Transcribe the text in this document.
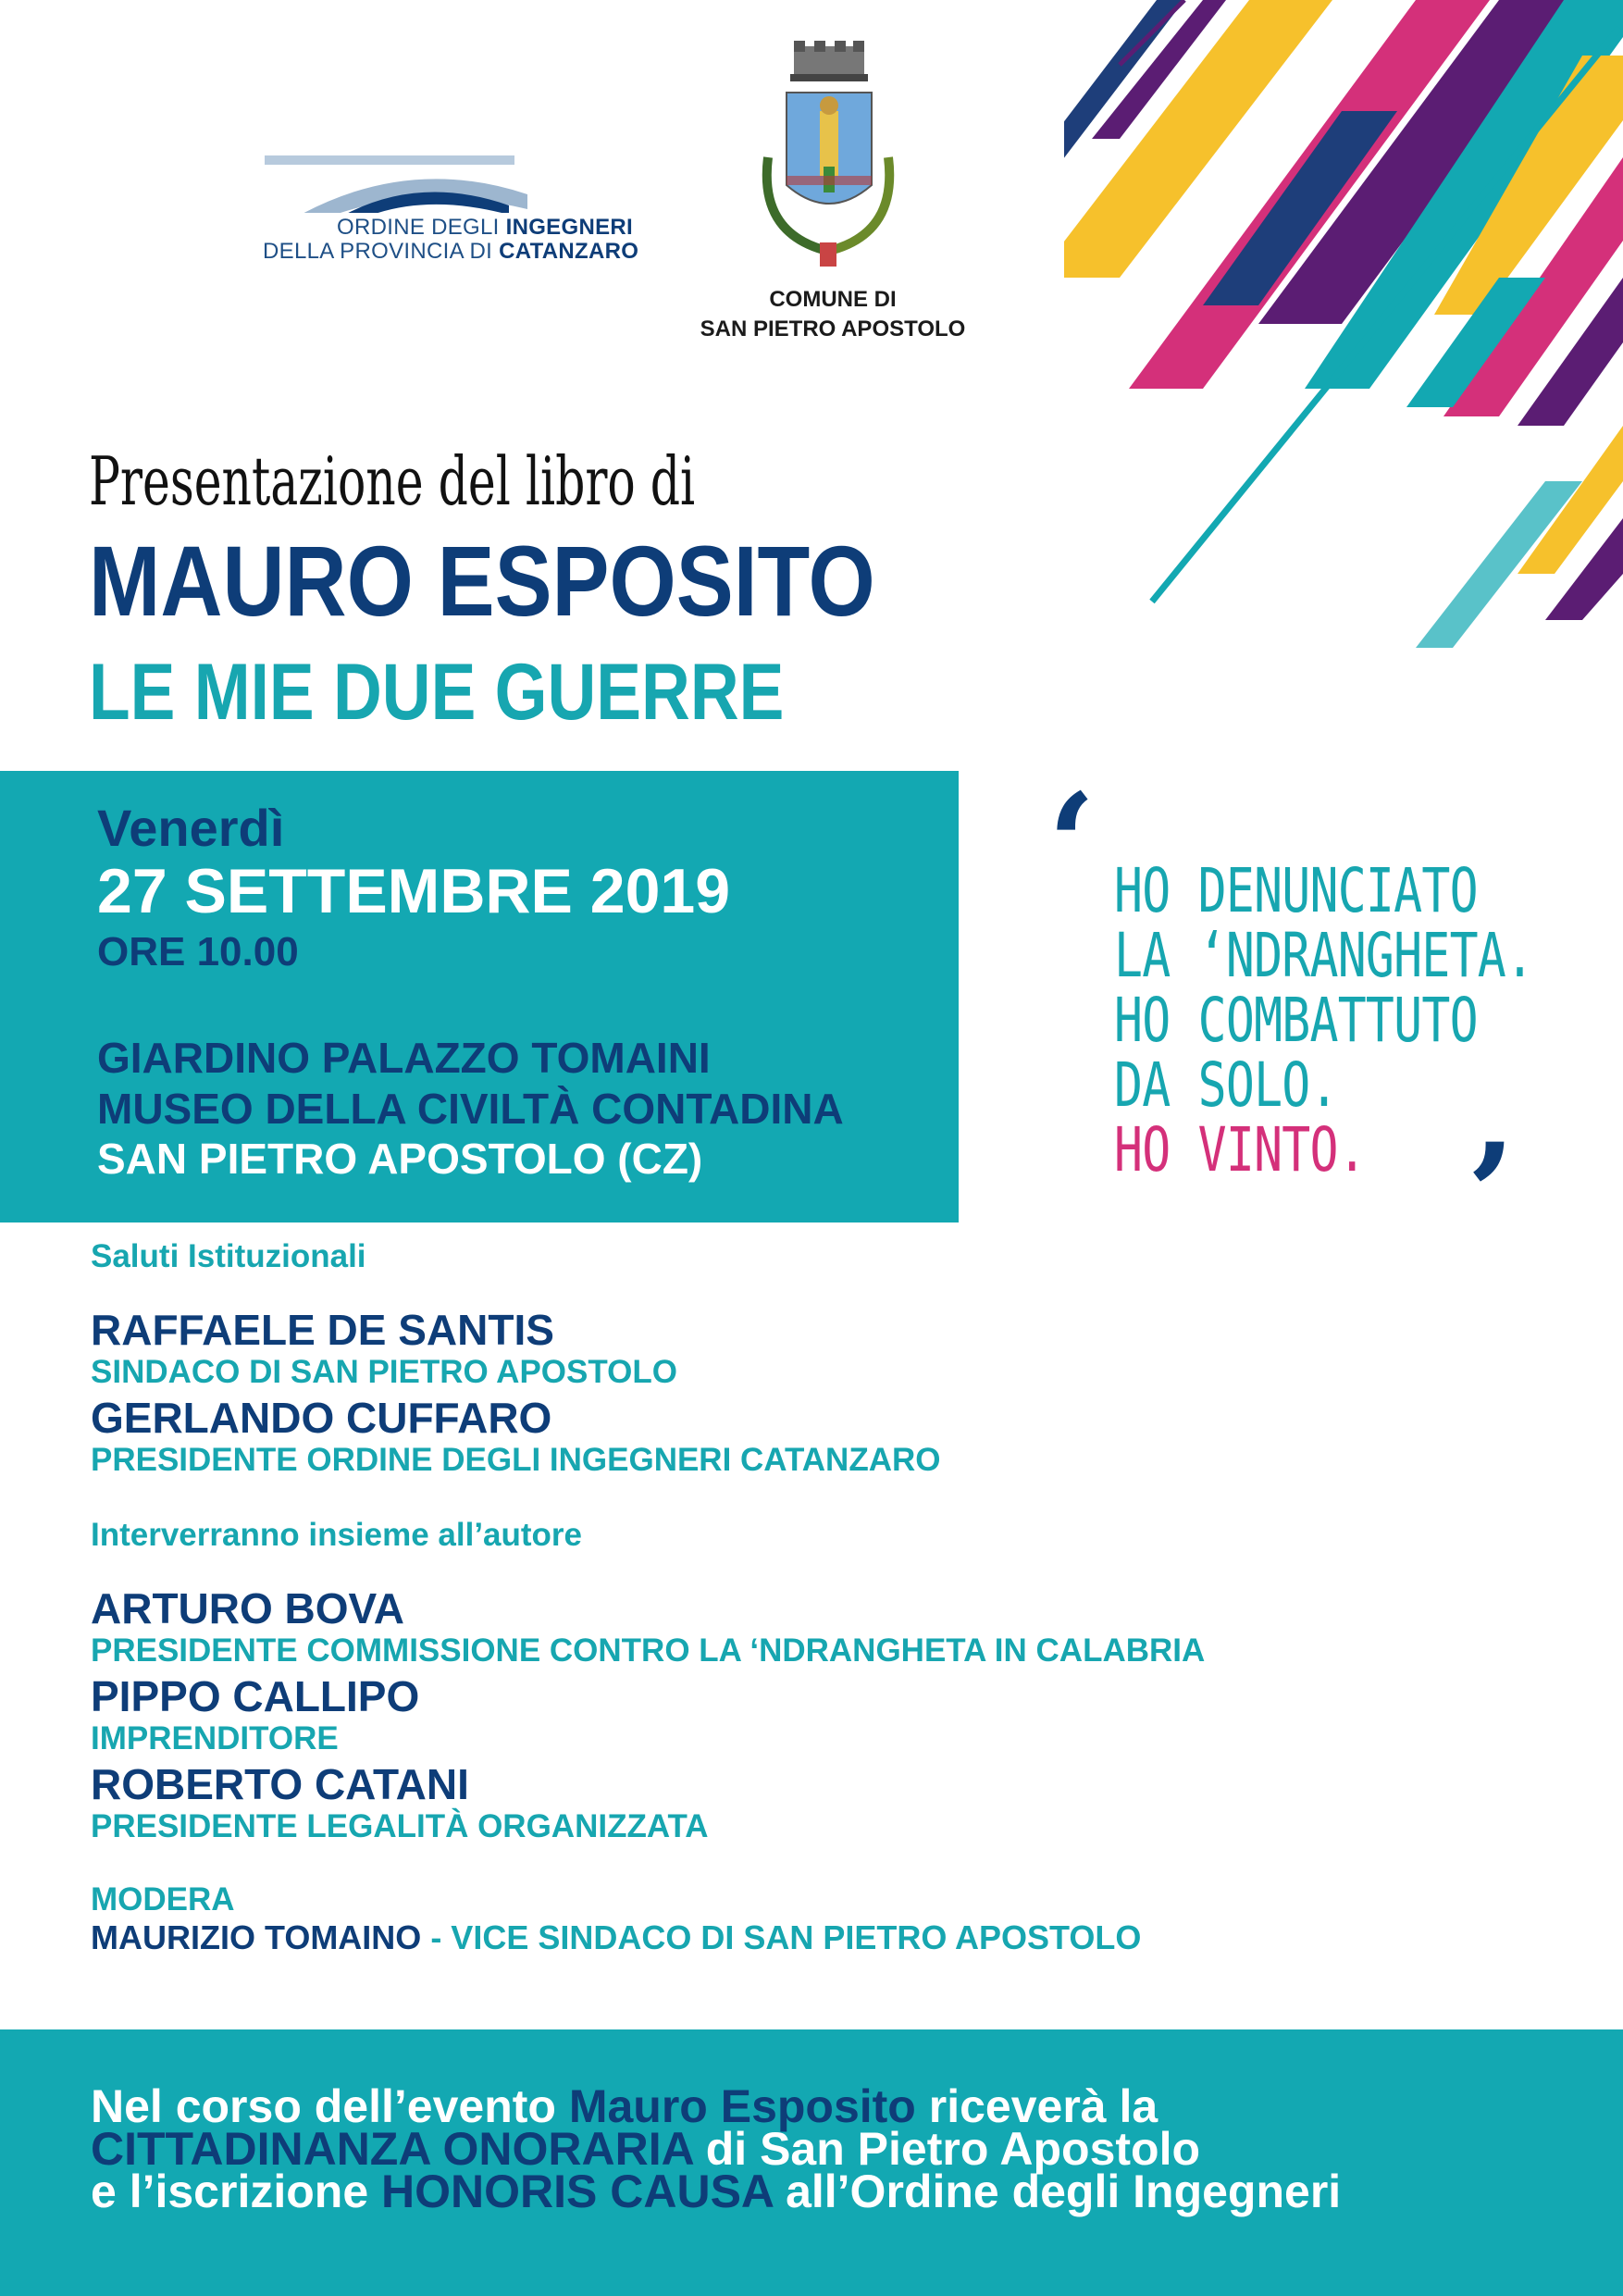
ORDINE DEGLI INGEGNERI
DELLA PROVINCIA DI CATANZARO
COMUNE DI
SAN PIETRO APOSTOLO
Presentazione del libro di
MAURO ESPOSITO
LE MIE DUE GUERRE
Venerdì
27 SETTEMBRE 2019
ORE 10.00
GIARDINO PALAZZO TOMAINI
MUSEO DELLA CIVILTÀ CONTADINA
SAN PIETRO APOSTOLO (CZ)
‘ HO DENUNCIATO
LA ‘NDRANGHETA.
HO COMBATTUTO
DA SOLO.
HO VINTO. ’
Saluti Istituzionali
RAFFAELE DE SANTIS
SINDACO DI SAN PIETRO APOSTOLO
GERLANDO CUFFARO
PRESIDENTE ORDINE DEGLI INGEGNERI CATANZARO
Interverranno insieme all’autore
ARTURO BOVA
PRESIDENTE COMMISSIONE CONTRO LA ‘NDRANGHETA IN CALABRIA
PIPPO CALLIPO
IMPRENDITORE
ROBERTO CATANI
PRESIDENTE LEGALITÀ ORGANIZZATA
MODERA
MAURIZIO TOMAINO - VICE SINDACO DI SAN PIETRO APOSTOLO
Nel corso dell’evento Mauro Esposito riceverà la
CITTADINANZA ONORARIA di San Pietro Apostolo
e l’iscrizione HONORIS CAUSA all’Ordine degli Ingegneri
